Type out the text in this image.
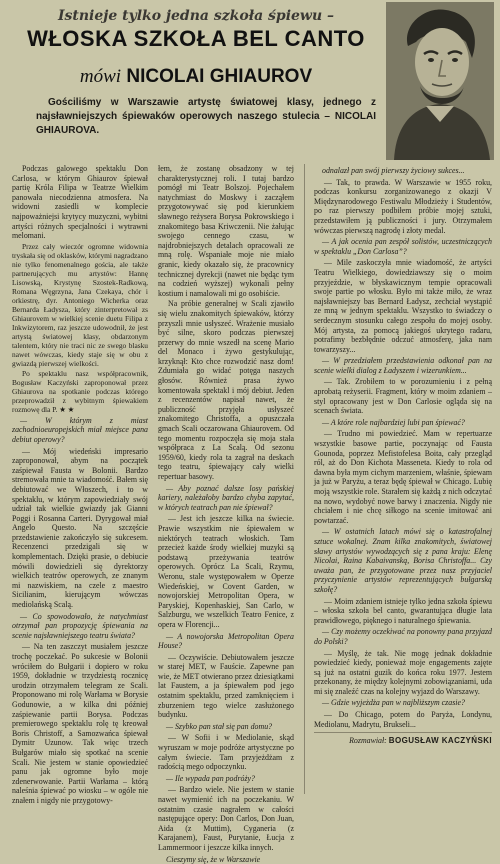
Istnieje tylko jedna szkoła śpiewu –
WŁOSKA SZKOŁA BEL CANTO
mówi NICOLAI GHIAUROV
Gościliśmy w Warszawie artystę światowej klasy, jednego z najsławniejszych śpiewaków operowych naszego stulecia – NICOLAI GHIAUROVA.

Podczas galowego spektaklu Don Carlosa, w którym Ghiaurov śpiewał partię Króla Filipa w Teatrze Wielkim panowała niecodzienna atmosfera. Na widowni zasiedli w komplecie najpoważniejsi krytycy muzyczni, wybitni artyści różnych specjalności i wytrawni melomani.

Przez cały wieczór ogromne widownia tryskała się od oklasków, którymi nagradzano nie tylko fenomenalnego gościa, ale także partnerujących mu artystów: Hannę Lisowską, Krystynę Szostek-Radkową, Romana Węgrzyna, Jana Czekaya, chór i orkiestrę, dyr. Antoniego Wicherka oraz Bernarda Ładysza, który zinterpretował zs Ghiaurovem w wielkiej scenie duetu Filipa z Inkwizytorem, raz jeszcze udowodnił, że jest artystą światowej klasy, obdarzonym talentem, który nie traci nic ze swego blasku nawet wówczas, kiedy staje się w obu z gwiazdą pierwszej wielkości.

Po spektaklu nasz współpracownik, Bogusław Kaczyński zaproponował przez Ghiaurova na spotkanie podczas którego przeprowadził z wybitnym śpiewakiem rozmowę dla P. ★ ★

— W którym z miast zachodnioeuropejskich miał miejsce pana debiut operowy?

— Mój wiedeński impresario zaproponował, abym na początek zaśpiewał Fausta w Bolonii. Bardzo stremowała mnie ta wiadomość. Bałem się debiutować we Włoszech, i to w spektaklu, w którym zapowiedziały swój udział tak wielkie gwiazdy jak Gianni Poggi i Rosanna Carteri. Dyrygował miał Angelo Questo. Na szczęście przedstawienie zakończyło się sukcesem. Recenzenci przedzigali się w komplementach. Dzięki prasie, o debiucie mówili dowiedzieli się dyrektorzy wielkich teatrów operowych, ze znanym mi nazwiskiem, na czele z maestro Sicilianim, kierującym wówczas mediolańską Scalą.

— Co spowodowało, że natychmiast otrzymał pan propozycję śpiewania na scenie najsławniejszego teatru świata?

— Na ten zaszczyt musiałem jeszcze trochę poczekać. Po sukcesie w Bolonii wróciłem do Bułgarii i dopiero w roku 1959, dokładnie w trzydziestą rocznicę urodzin otrzymałem telegram ze Scali. Proponowano mi rolę Warłama w Borysie Godunowie, a w kilka dni później zaśpiewanie partii Borysa. Podczas premierowego spektaklu rolę tę kreował Boris Christoff, a Samozwańca śpiewał Dymitr Uzunow. Tak więc trzech Bułgarów miało się spotkać na scenie Scali. Nie jestem w stanie opowiedzieć panu jak ogromne było moje zdenerwowanie. Partii Warłama – którą naleśnia śpiewać po wiosku – w ogóle nie znałem i nigdy nie przygotowy-

łem, że zostanę obsadzony w tej charakterystycznej roli. I tutaj bardzo pomógł mi Teatr Bolszoj. Pojechałem natychmiast do Moskwy i zacząłem przygotowywać się pod kierunkiem sławnego reżysera Borysa Pokrowskiego i znakomitego basa Kriwczenii. Nie żałując swojego cennego czasu, w najdrobniejszych detalach opracowali ze mną rolę. Wspaniałe moje nie miało granic, kiedy okazało się, że pracownicy technicznej dyrekcji (nawet nie będąc tym na codzień wyższej) wykonali pełny kostium i namalowali mi go osobiście.

Na próbie generalnej w Scali zjawiło się wielu znakomitych śpiewaków, którzy przyszli mnie usłyszeć. Wrażenie musiało być silne, skoro podczas pierwszej przerwy do mnie wszedł na scenę Mario del Monaco i żywo gestykulując, krzyknął: Kto chce rozwodzić nasz dom! Zdumiała go widać potęga naszych głosów. Również prasa żywo komentowała spektakl i mój debiut. Jeden z recenzentów napisał nawet, że publiczność przyjęła usłyszeć znakomitego Christoffa, a opuszczała gmach Scali oczarowana Ghiaurovem. Od tego momentu rozpoczęła się moja stała współpraca z La Scalą. Od sezonu 1959/60, kiedy rola ta zagrał na deskach tego teatru, śpiewający cały wielki repertuar basowy.

— Aby poznać dalsze losy pańskiej kariery, należałoby bardzo chyba zapytać, w których teatrach pan nie śpiewał?

— Jest ich jeszcze kilka na świecie. Prawie wszystkim nie śpiewałem w niektórych teatrach włoskich. Tam przecież każde środy wielkiej muzyki są podstawą przeżywania teatrów operowych. Oprócz La Scali, Rzymu, Weronu, stale występowałem w Operze Wiedeńskiej, w Covent Garden, w nowojorskiej Metropolitan Opera, w Paryskiej, Kopenhaskiej, San Carlo, w Salzburgu, we wszelkich Teatro Fenice, z opera w Florencji...

— A nowojorska Metropolitan Opera House?

— Oczywiście. Debiutowałem jeszcze w starej MET, w Fauście. Zapewne pan wie, że MET otwierano przez dziesiątkami lat Faustem, a ja śpiewałem pod jego ostatnim spektaklu, przed zamknięciem i zburzeniem tego wielce zasłużonego budynku.

— Szybko pan stał się pan domu?

— W Sofii i w Mediolanie, skąd wyruszam w moje podróże artystyczne po całym świecie. Tam przyjeżdżam z radością mego odpoczynku.

— Ile wypada pan podróży?

— Bardzo wiele. Nie jestem w stanie nawet wymienić ich na poczekaniu. W ostatnim czasie nagrałem w całości następujące opery: Don Carlos, Don Juan, Aida (z Muttim), Cyganeria (z Karajanem), Faust, Purytanie, Łucja z Lammermoor i jeszcze kilka innych.

Cieszymy się, że w Warszawie

odnalazł pan swój pierwszy życiowy sukces...

— Tak, to prawda. W Warszawie w 1955 roku, podczas konkursu zorganizowanego z okazji V Międzynarodowego Festiwalu Młodzieży i Studentów, po raz pierwszy podbiłem próbie mojej sztuki, przedstawiłem ją publiczności i jury. Otrzymałem wówczas pierwszą nagrodę i złoty medal.

— A jak ocenia pan zespół solistów, uczestniczących w spektaklu „Don Carlosa”?

— Mile zaskoczyła mnie wiadomość, że artyści Teatru Wielkiego, dowiedziawszy się o moim przyjeździe, w błyskawicznym tempie opracowali swoje partie po włosku. Było mi także miło, że wraz najsławniejszy bas Bernard Ładysz, zechciał wystąpić ze mną w jednym spektaklu. Wszystko to świadczy o serdecznym stosunku całego zespołu do mojej osoby. Mój artysta, za pomocą jakiegoś ukrytego radaru, potrafimy bezbłędnie odczuć atmosferę, jaka nam towarzyszy...

— W przedziałem przedstawienia odkonał pan na scenie wielki dialog z Ładyszem i wizerunkiem...

— Tak. Zrobiłem to w porozumieniu i z pełną aprobatą reżyserii. Fragment, który w moim zdaniem – styl opracowany jest w Don Carlosie ogląda się na scenach świata.

— A które role najbardziej lubi pan śpiewać?

— Trudno mi powiedzieć. Mam w repertuarze wszystkie basowe partie, poczynając od Fausta Gounoda, poprzez Mefistofelesa Boita, cały przegląd ról, aż do Don Kichota Masseneta. Kiedy to rola od dawna była mym cichym marzeniem, właśnie, śpiewam ja już w Paryżu, a teraz będę śpiewał w Chicago. Lubię moją wszystkie role. Starałem się każdą z nich odczytać na nowo, wydobyć nowe barwy i znaczenia. Nigdy nie chciałem i nie chcę siłkogo na scenie imitować ani powtarzać.

— W ostatnich latach mówi się o katastrofalnej sztuce wokalnej. Znam kilka znakomitych, światowej sławy artystów wywodzących się z pana kraju: Elenę Nicolai, Raina Kabaivanską, Borisa Christoffa... Czy uważa pan, że przygotowane przez nasz przyjaciel przyczynienie artystów reprezentujących bułgarską szkołę?

— Moim zdaniem istnieje tylko jedna szkoła śpiewu – włoska szkoła bel canto, gwarantująca długie lata prawidłowego, pięknego i naturalnego śpiewania.

— Czy możemy oczekiwać na ponowny pana przyjazd do Polski?

— Myślę, że tak. Nie mogę jednak dokładnie powiedzieć kiedy, ponieważ moje engagements zajęte są już na ostatni guzik do końca roku 1977. Jestem przekonany, że między kolejnymi zobowiązaniami, uda mi się znaleźć czas na kolejny wyjazd do Warszawy.

— Gdzie wyjeżdża pan w najbliższym czasie?

— Do Chicago, potem do Paryża, Londynu, Mediolanu, Madrytu, Brukseli...

Rozmawiał: BOGUSŁAW KACZYŃSKI
